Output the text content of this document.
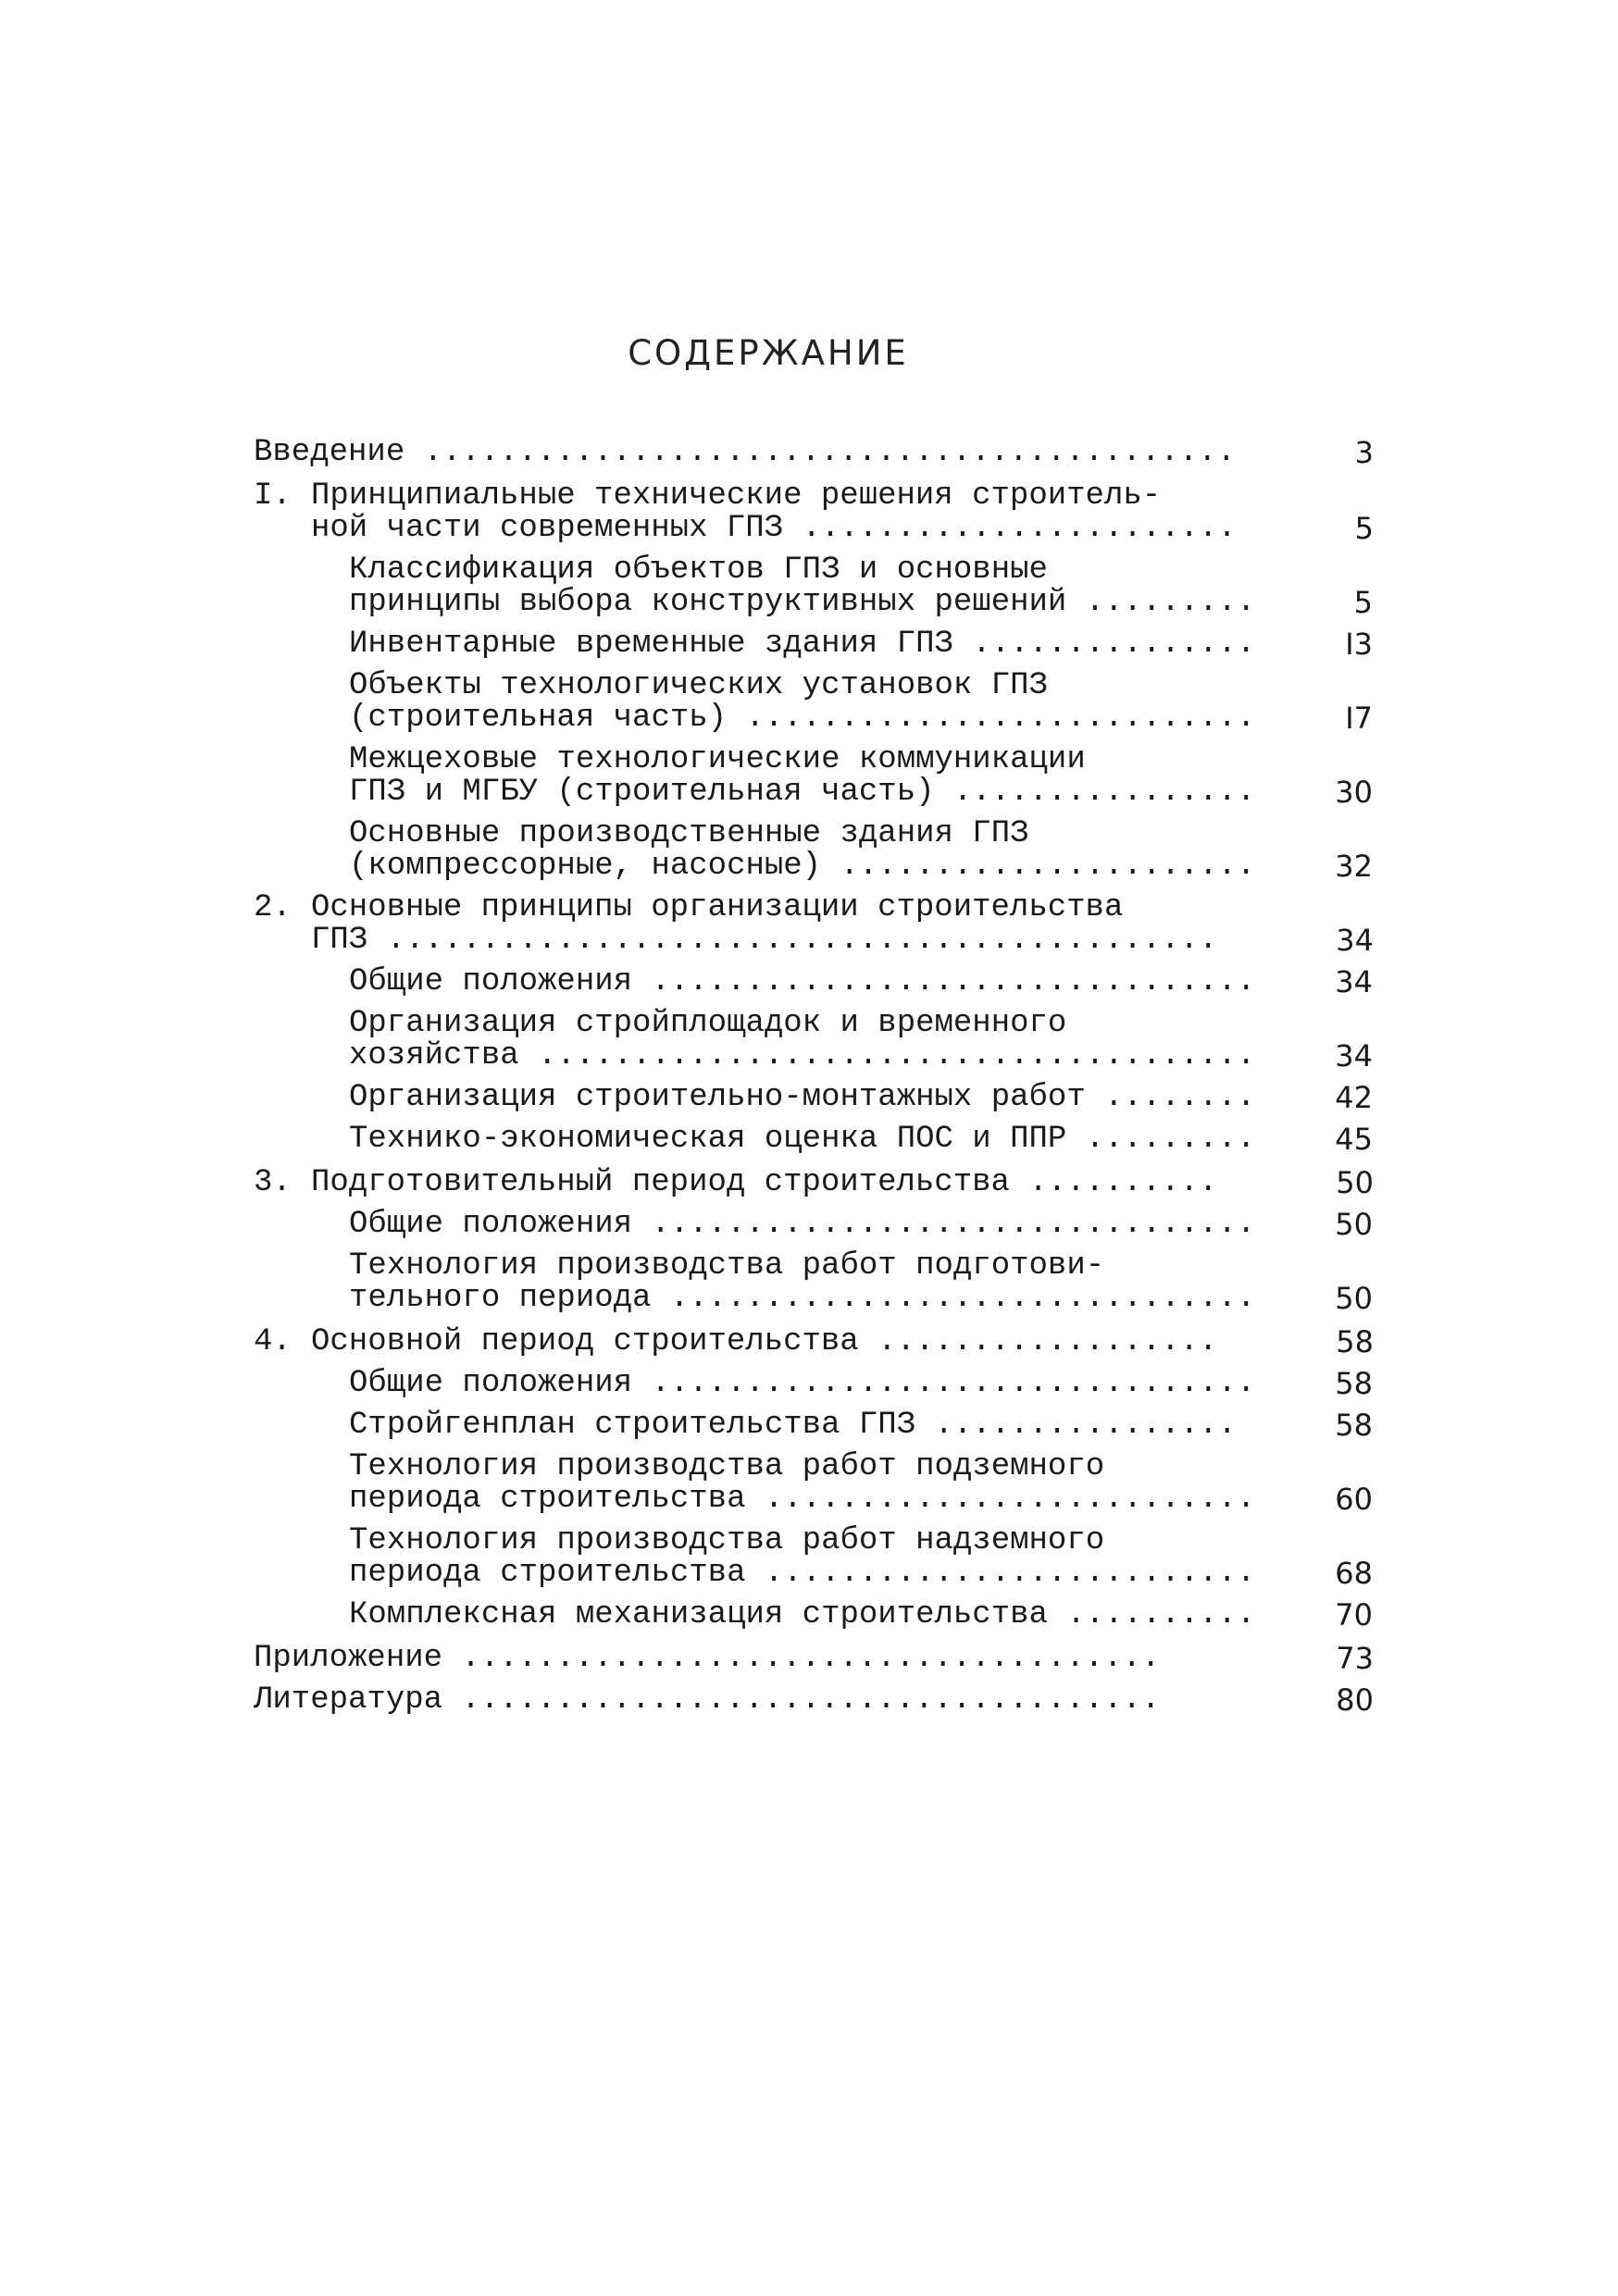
СОДЕРЖАНИЕ
Введение ...........................................	3
I. Принципиальные технические решения строитель-
ной части современных ГПЗ .......................	5
Классификация объектов ГПЗ и основные
принципы выбора конструктивных решений .........	5
Инвентарные временные здания ГПЗ ...............	I3
Объекты технологических установок ГПЗ
(строительная часть) ...........................	I7
Межцеховые технологические коммуникации
ГПЗ и МГБУ (строительная часть) ................	30
Основные производственные здания ГПЗ
(компрессорные, насосные) ......................	32
2. Основные принципы организации строительства
ГПЗ ............................................	34
Общие положения ................................	34
Организация стройплощадок и временного
хозяйства ......................................	34
Организация строительно-монтажных работ ........	42
Технико-экономическая оценка ПОС и ППР .........	45
3. Подготовительный период строительства ..........	50
Общие положения ................................	50
Технология производства работ подготови-
тельного периода ...............................	50
4. Основной период строительства ..................	58
Общие положения ................................	58
Стройгенплан строительства ГПЗ ................	58
Технология производства работ подземного
периода строительства ..........................	60
Технология производства работ надземного
периода строительства ..........................	68
Комплексная механизация строительства ..........	70
Приложение .....................................	73
Литература .....................................	80
